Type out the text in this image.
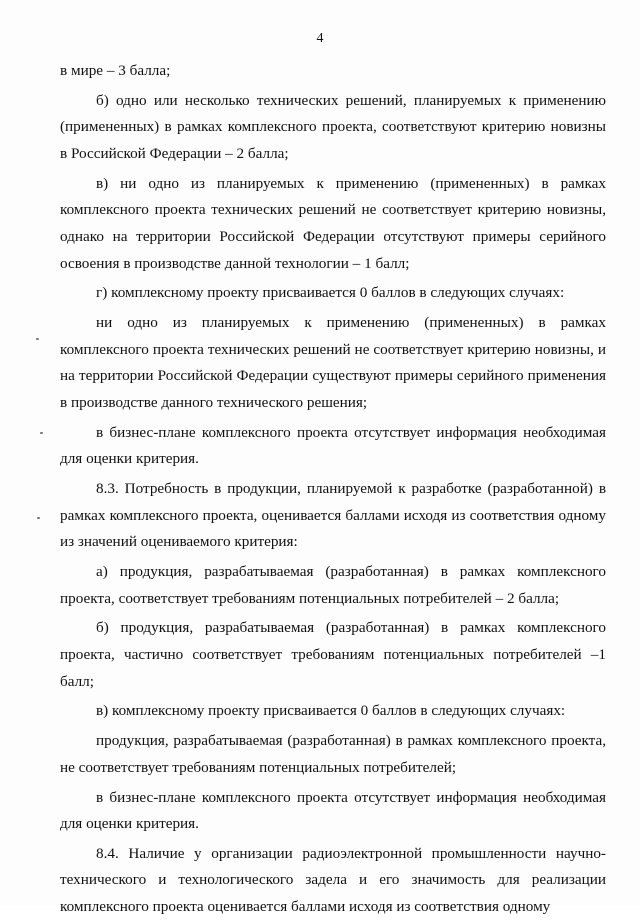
4

в мире – 3 балла;

б) одно или несколько технических решений, планируемых к применению (примененных) в рамках комплексного проекта, соответствуют критерию новизны в Российской Федерации – 2 балла;

в) ни одно из планируемых к применению (примененных) в рамках комплексного проекта технических решений не соответствует критерию новизны, однако на территории Российской Федерации отсутствуют примеры серийного освоения в производстве данной технологии – 1 балл;

г) комплексному проекту присваивается 0 баллов в следующих случаях:

ни одно из планируемых к применению (примененных) в рамках комплексного проекта технических решений не соответствует критерию новизны, и на территории Российской Федерации существуют примеры серийного применения в производстве данного технического решения;

в бизнес-плане комплексного проекта отсутствует информация необходимая для оценки критерия.

8.3. Потребность в продукции, планируемой к разработке (разработанной) в рамках комплексного проекта, оценивается баллами исходя из соответствия одному из значений оцениваемого критерия:

а) продукция, разрабатываемая (разработанная) в рамках комплексного проекта, соответствует требованиям потенциальных потребителей – 2 балла;

б) продукция, разрабатываемая (разработанная) в рамках комплексного проекта, частично соответствует требованиям потенциальных потребителей –1 балл;

в) комплексному проекту присваивается 0 баллов в следующих случаях:

продукция, разрабатываемая (разработанная) в рамках комплексного проекта, не соответствует требованиям потенциальных потребителей;

в бизнес-плане комплексного проекта отсутствует информация необходимая для оценки критерия.

8.4. Наличие у организации радиоэлектронной промышленности научно-технического и технологического задела и его значимость для реализации комплексного проекта оценивается баллами исходя из соответствия одному
